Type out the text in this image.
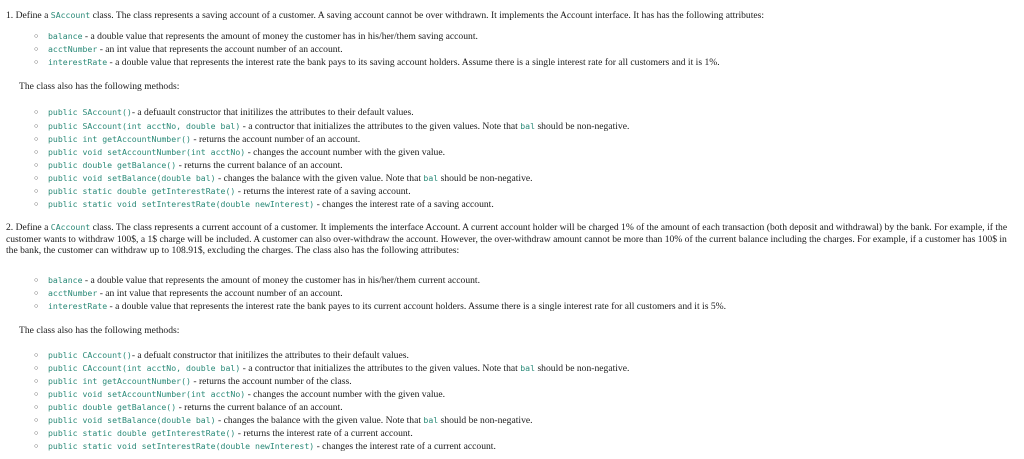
1. Define a SAccount class. The class represents a saving account of a customer. A saving account cannot be over withdrawn. It implements the Account interface. It has has the following attributes:
○ balance - a double value that represents the amount of money the customer has in his/her/them saving account.
○ acctNumber - an int value that represents the account number of an account.
○ interestRate - a double value that represents the interest rate the bank pays to its saving account holders. Assume there is a single interest rate for all customers and it is 1%.
The class also has the following methods:
○ public SAccount()- a defuault constructor that initilizes the attributes to their default values.
○ public SAccount(int acctNo, double bal) - a contructor that initializes the attributes to the given values. Note that bal should be non-negative.
○ public int getAccountNumber() - returns the account number of an account.
○ public void setAccountNumber(int acctNo) - changes the account number with the given value.
○ public double getBalance() - returns the current balance of an account.
○ public void setBalance(double bal) - changes the balance with the given value. Note that bal should be non-negative.
○ public static double getInterestRate() - returns the interest rate of a saving account.
○ public static void setInterestRate(double newInterest) - changes the interest rate of a saving account.
2. Define a CAccount class. The class represents a current account of a customer. It implements the interface Account. A current account holder will be charged 1% of the amount of each transaction (both deposit and withdrawal) by the bank. For example, if the customer wants to withdraw 100$, a 1$ charge will be included. A customer can also over-withdraw the account. However, the over-withdraw amount cannot be more than 10% of the current balance including the charges. For example, if a customer has 100$ in the bank, the customer can withdraw up to 108.91$, excluding the charges. The class also has the following attributes:
○ balance - a double value that represents the amount of money the customer has in his/her/them current account.
○ acctNumber - an int value that represents the account number of an account.
○ interestRate - a double value that represents the interest rate the bank payes to its current account holders. Assume there is a single interest rate for all customers and it is 5%.
The class also has the following methods:
○ public CAccount()- a defualt constructor that initilizes the attributes to their default values.
○ public CAccount(int acctNo, double bal) - a contructor that initializes the attributes to the given values. Note that bal should be non-negative.
○ public int getAccountNumber() - returns the account number of the class.
○ public void setAccountNumber(int acctNo) - changes the account number with the given value.
○ public double getBalance() - returns the current balance of an account.
○ public void setBalance(double bal) - changes the balance with the given value. Note that bal should be non-negative.
○ public static double getInterestRate() - returns the interest rate of a current account.
○ public static void setInterestRate(double newInterest) - changes the interest rate of a current account.
